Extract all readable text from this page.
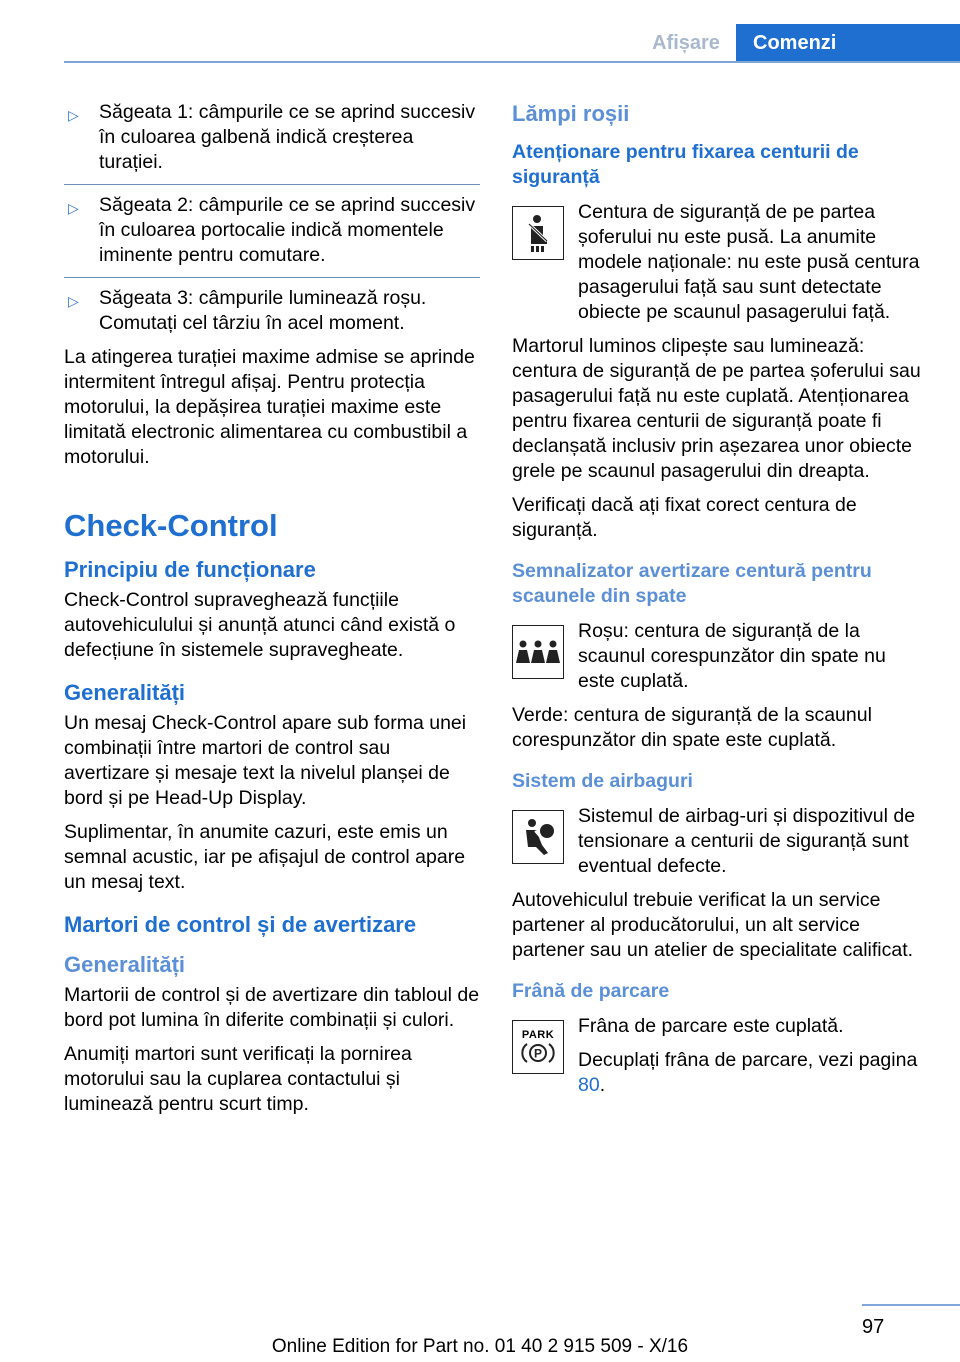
Afișare	Comenzi
▷ Săgeata 1: câmpurile ce se aprind succesiv în culoarea galbenă indică creșterea turației.
▷ Săgeata 2: câmpurile ce se aprind succesiv în culoarea portocalie indică momentele iminente pentru comutare.
▷ Săgeata 3: câmpurile luminează roșu. Comutați cel târziu în acel moment.

La atingerea turației maxime admise se aprinde intermitent întregul afișaj. Pentru protecția motorului, la depășirea turației maxime este limitată electronic alimentarea cu combustibil a motorului.

Check-Control
Principiu de funcționare

Check-Control supraveghează funcțiile autovehiculului și anunță atunci când există o defecțiune în sistemele supravegheate.

Generalități

Un mesaj Check-Control apare sub forma unei combinații între martori de control sau avertizare și mesaje text la nivelul planșei de bord și pe Head-Up Display.

Suplimentar, în anumite cazuri, este emis un semnal acustic, iar pe afișajul de control apare un mesaj text.

Martori de control și de avertizare
Generalități

Martorii de control și de avertizare din tabloul de bord pot lumina în diferite combinații și culori.

Anumiți martori sunt verificați la pornirea motorului sau la cuplarea contactului și luminează pentru scurt timp.

Lămpi roșii
Atenționare pentru fixarea centurii de siguranță
Centura de siguranță de pe partea șoferului nu este pusă. La anumite modele naționale: nu este pusă centura pasagerului față sau sunt detectate obiecte pe scaunul pasagerului față.

Martorul luminos clipește sau luminează: centura de siguranță de pe partea șoferului sau pasagerului față nu este cuplată. Atenționarea pentru fixarea centurii de siguranță poate fi declanșată inclusiv prin așezarea unor obiecte grele pe scaunul pasagerului din dreapta.

Verificați dacă ați fixat corect centura de siguranță.

Semnalizator avertizare centură pentru scaunele din spate
Roșu: centura de siguranță de la scaunul corespunzător din spate nu este cuplată.

Verde: centura de siguranță de la scaunul corespunzător din spate este cuplată.

Sistem de airbaguri
Sistemul de airbag-uri și dispozitivul de tensionare a centurii de siguranță sunt eventual defecte.

Autovehiculul trebuie verificat la un service partener al producătorului, un alt service partener sau un atelier de specialitate calificat.

Frână de parcare
PARK
P

Frâna de parcare este cuplată.

Decuplați frâna de parcare, vezi pagina 80.

97
Online Edition for Part no. 01 40 2 915 509 - X/16
